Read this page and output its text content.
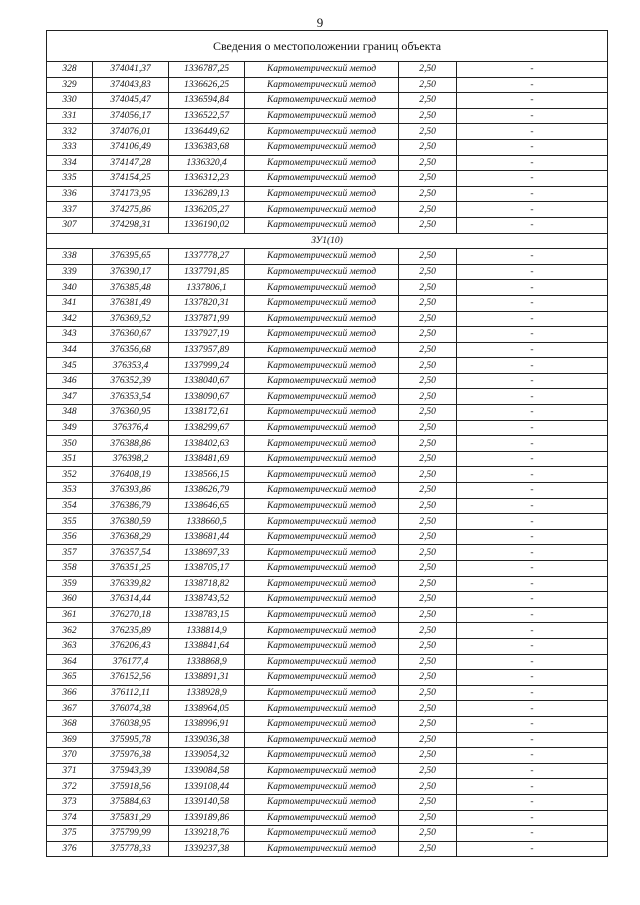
9
Сведения о местоположении границ объекта					
328	374041,37	1336787,25	Картометрический метод	2,50	-
329	374043,83	1336626,25	Картометрический метод	2,50	-
330	374045,47	1336594,84	Картометрический метод	2,50	-
331	374056,17	1336522,57	Картометрический метод	2,50	-
332	374076,01	1336449,62	Картометрический метод	2,50	-
333	374106,49	1336383,68	Картометрический метод	2,50	-
334	374147,28	1336320,4	Картометрический метод	2,50	-
335	374154,25	1336312,23	Картометрический метод	2,50	-
336	374173,95	1336289,13	Картометрический метод	2,50	-
337	374275,86	1336205,27	Картометрический метод	2,50	-
307	374298,31	1336190,02	Картометрический метод	2,50	-
ЗУ1(10)					
338	376395,65	1337778,27	Картометрический метод	2,50	-
339	376390,17	1337791,85	Картометрический метод	2,50	-
340	376385,48	1337806,1	Картометрический метод	2,50	-
341	376381,49	1337820,31	Картометрический метод	2,50	-
342	376369,52	1337871,99	Картометрический метод	2,50	-
343	376360,67	1337927,19	Картометрический метод	2,50	-
344	376356,68	1337957,89	Картометрический метод	2,50	-
345	376353,4	1337999,24	Картометрический метод	2,50	-
346	376352,39	1338040,67	Картометрический метод	2,50	-
347	376353,54	1338090,67	Картометрический метод	2,50	-
348	376360,95	1338172,61	Картометрический метод	2,50	-
349	376376,4	1338299,67	Картометрический метод	2,50	-
350	376388,86	1338402,63	Картометрический метод	2,50	-
351	376398,2	1338481,69	Картометрический метод	2,50	-
352	376408,19	1338566,15	Картометрический метод	2,50	-
353	376393,86	1338626,79	Картометрический метод	2,50	-
354	376386,79	1338646,65	Картометрический метод	2,50	-
355	376380,59	1338660,5	Картометрический метод	2,50	-
356	376368,29	1338681,44	Картометрический метод	2,50	-
357	376357,54	1338697,33	Картометрический метод	2,50	-
358	376351,25	1338705,17	Картометрический метод	2,50	-
359	376339,82	1338718,82	Картометрический метод	2,50	-
360	376314,44	1338743,52	Картометрический метод	2,50	-
361	376270,18	1338783,15	Картометрический метод	2,50	-
362	376235,89	1338814,9	Картометрический метод	2,50	-
363	376206,43	1338841,64	Картометрический метод	2,50	-
364	376177,4	1338868,9	Картометрический метод	2,50	-
365	376152,56	1338891,31	Картометрический метод	2,50	-
366	376112,11	1338928,9	Картометрический метод	2,50	-
367	376074,38	1338964,05	Картометрический метод	2,50	-
368	376038,95	1338996,91	Картометрический метод	2,50	-
369	375995,78	1339036,38	Картометрический метод	2,50	-
370	375976,38	1339054,32	Картометрический метод	2,50	-
371	375943,39	1339084,58	Картометрический метод	2,50	-
372	375918,56	1339108,44	Картометрический метод	2,50	-
373	375884,63	1339140,58	Картометрический метод	2,50	-
374	375831,29	1339189,86	Картометрический метод	2,50	-
375	375799,99	1339218,76	Картометрический метод	2,50	-
376	375778,33	1339237,38	Картометрический метод	2,50	-
